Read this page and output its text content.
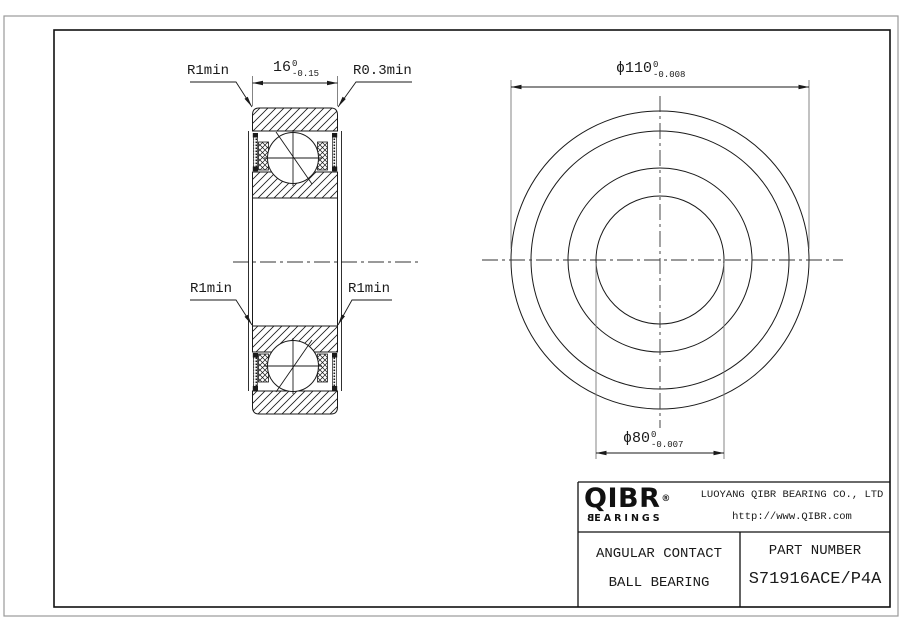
R1min	R0.3min
R1min	R1min
16 0
-0.15	ϕ110 0
-0.008
ϕ80 0
-0.007
QIBR®
BEARINGS
LUOYANG QIBR BEARING CO., LTD
http://www.QIBR.com
ANGULAR CONTACT
BALL BEARING
PART NUMBER
S71916ACE/P4A
